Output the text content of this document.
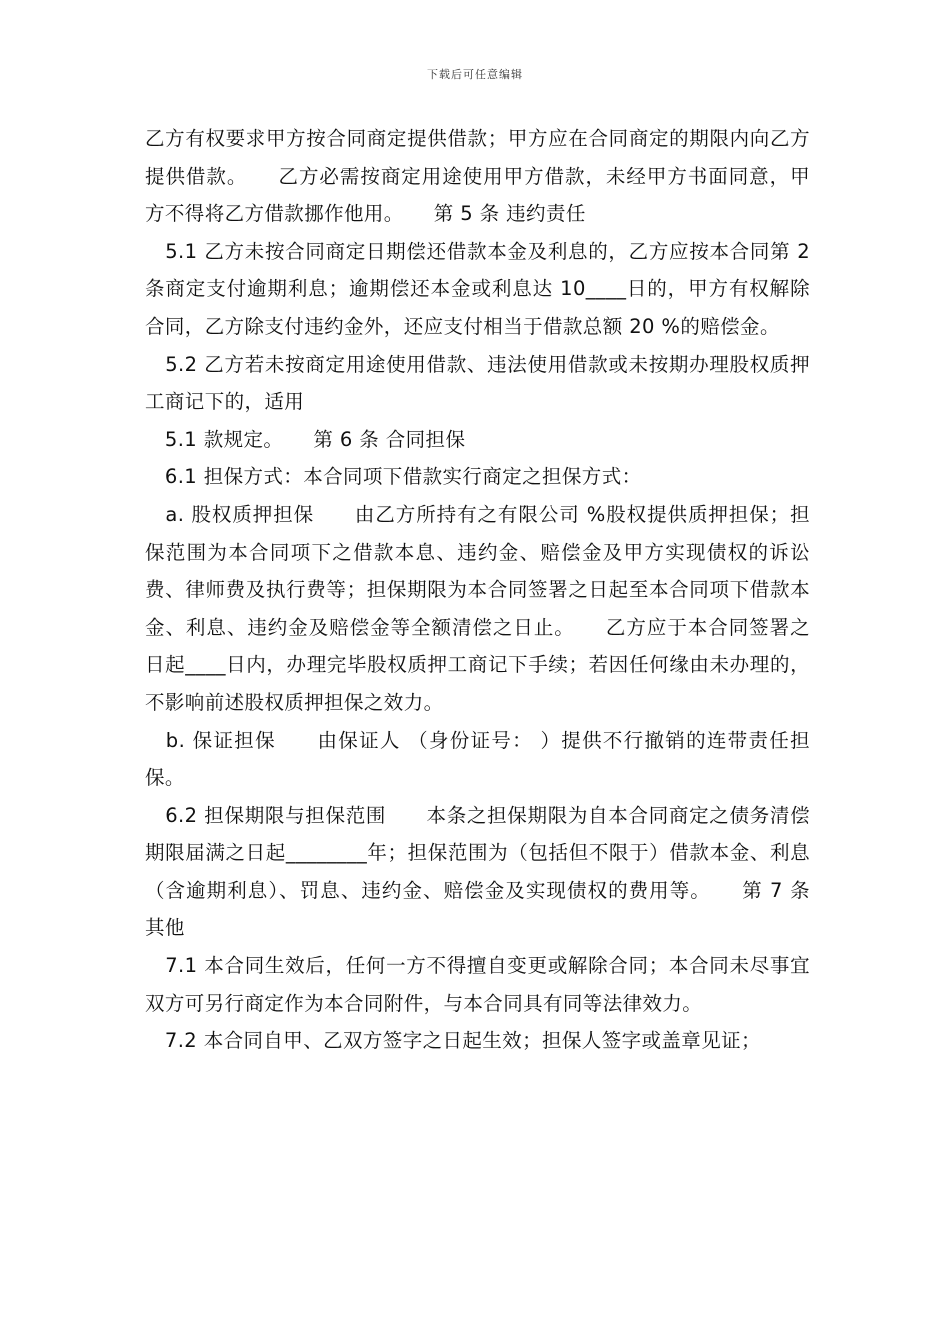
下载后可任意编辑

乙方有权要求甲方按合同商定提供借款；甲方应在合同商定的期限内向乙方提供借款。　　乙方必需按商定用途使用甲方借款，未经甲方书面同意，甲方不得将乙方借款挪作他用。　　第 5 条 违约责任

　5.1 乙方未按合同商定日期偿还借款本金及利息的，乙方应按本合同第 2 条商定支付逾期利息；逾期偿还本金或利息达 10____日的，甲方有权解除合同，乙方除支付违约金外，还应支付相当于借款总额 20 %的赔偿金。

　5.2 乙方若未按商定用途使用借款、违法使用借款或未按期办理股权质押工商记下的，适用

　5.1 款规定。　　第 6 条 合同担保

　6.1 担保方式：本合同项下借款实行商定之担保方式：

　a. 股权质押担保　　由乙方所持有之有限公司 %股权提供质押担保；担保范围为本合同项下之借款本息、违约金、赔偿金及甲方实现债权的诉讼费、律师费及执行费等；担保期限为本合同签署之日起至本合同项下借款本金、利息、违约金及赔偿金等全额清偿之日止。　　乙方应于本合同签署之日起____日内，办理完毕股权质押工商记下手续；若因任何缘由未办理的，不影响前述股权质押担保之效力。

　b. 保证担保　　由保证人 （身份证号： ）提供不行撤销的连带责任担保。

　6.2 担保期限与担保范围　　本条之担保期限为自本合同商定之债务清偿期限届满之日起________年；担保范围为（包括但不限于）借款本金、利息（含逾期利息）、罚息、违约金、赔偿金及实现债权的费用等。　　第 7 条 其他

　7.1 本合同生效后，任何一方不得擅自变更或解除合同；本合同未尽事宜双方可另行商定作为本合同附件，与本合同具有同等法律效力。

　7.2 本合同自甲、乙双方签字之日起生效；担保人签字或盖章见证；
